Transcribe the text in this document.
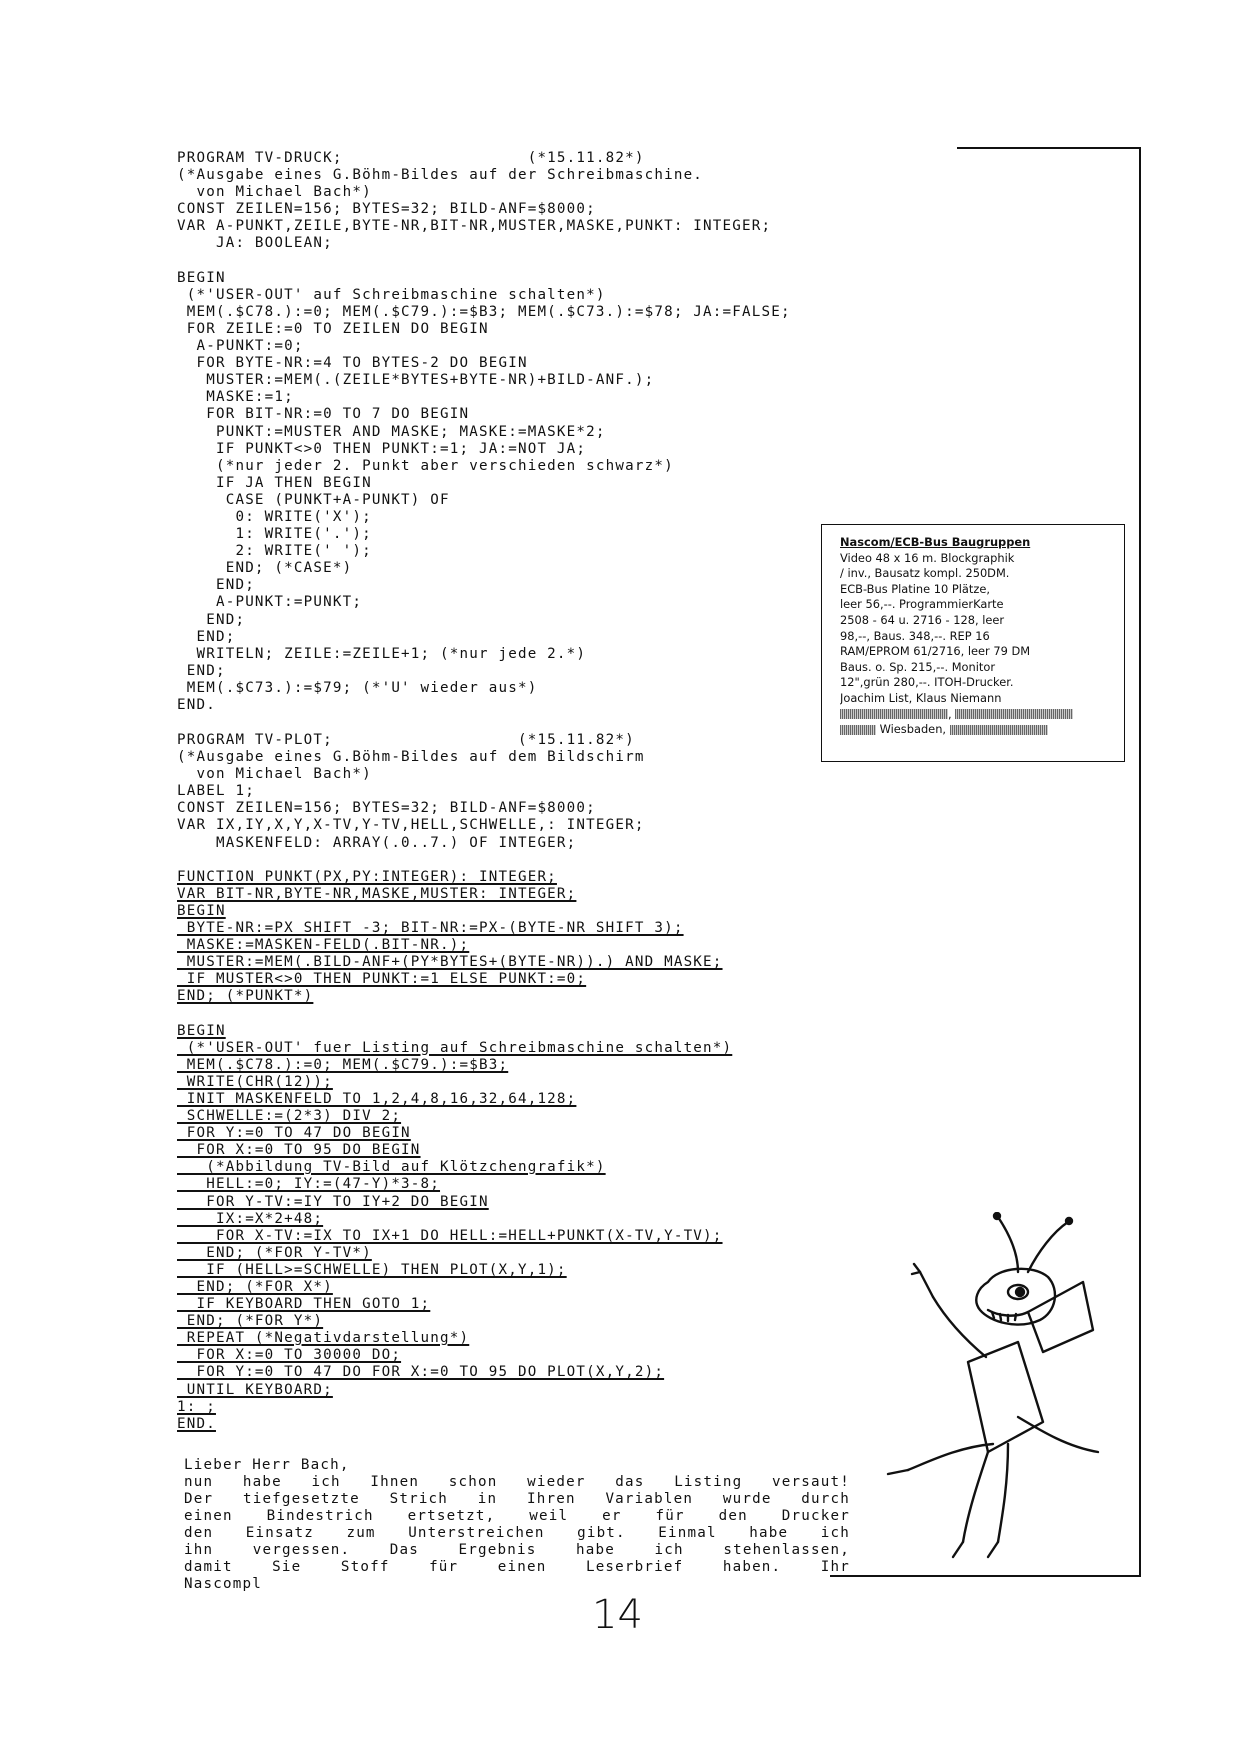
PROGRAM TV-DRUCK;                   (*15.11.82*)
(*Ausgabe eines G.Böhm-Bildes auf der Schreibmaschine.
von Michael Bach*)
CONST ZEILEN=156; BYTES=32; BILD-ANF=$8000;
VAR A-PUNKT,ZEILE,BYTE-NR,BIT-NR,MUSTER,MASKE,PUNKT: INTEGER;
JA: BOOLEAN;
BEGIN
(*'USER-OUT' auf Schreibmaschine schalten*)
MEM(.$C78.):=0; MEM(.$C79.):=$B3; MEM(.$C73.):=$78; JA:=FALSE;
FOR ZEILE:=0 TO ZEILEN DO BEGIN
A-PUNKT:=0;
FOR BYTE-NR:=4 TO BYTES-2 DO BEGIN
MUSTER:=MEM(.(ZEILE*BYTES+BYTE-NR)+BILD-ANF.);
MASKE:=1;
FOR BIT-NR:=0 TO 7 DO BEGIN
PUNKT:=MUSTER AND MASKE; MASKE:=MASKE*2;
IF PUNKT<>0 THEN PUNKT:=1; JA:=NOT JA;
(*nur jeder 2. Punkt aber verschieden schwarz*)
IF JA THEN BEGIN
CASE (PUNKT+A-PUNKT) OF
0: WRITE('X');
1: WRITE('.');
2: WRITE(' ');
END; (*CASE*)
END;
A-PUNKT:=PUNKT;
END;
END;
WRITELN; ZEILE:=ZEILE+1; (*nur jede 2.*)
END;
MEM(.$C73.):=$79; (*'U' wieder aus*)
END.
PROGRAM TV-PLOT;                   (*15.11.82*)
(*Ausgabe eines G.Böhm-Bildes auf dem Bildschirm
von Michael Bach*)
LABEL 1;
CONST ZEILEN=156; BYTES=32; BILD-ANF=$8000;
VAR IX,IY,X,Y,X-TV,Y-TV,HELL,SCHWELLE,: INTEGER;
MASKENFELD: ARRAY(.0..7.) OF INTEGER;
FUNCTION PUNKT(PX,PY:INTEGER): INTEGER;
VAR BIT-NR,BYTE-NR,MASKE,MUSTER: INTEGER;
BEGIN
BYTE-NR:=PX SHIFT -3; BIT-NR:=PX-(BYTE-NR SHIFT 3);
MASKE:=MASKEN-FELD(.BIT-NR.);
MUSTER:=MEM(.BILD-ANF+(PY*BYTES+(BYTE-NR)).) AND MASKE;
IF MUSTER<>0 THEN PUNKT:=1 ELSE PUNKT:=0;
END; (*PUNKT*)
BEGIN
(*'USER-OUT' fuer Listing auf Schreibmaschine schalten*)
MEM(.$C78.):=0; MEM(.$C79.):=$B3;
WRITE(CHR(12));
INIT MASKENFELD TO 1,2,4,8,16,32,64,128;
SCHWELLE:=(2*3) DIV 2;
FOR Y:=0 TO 47 DO BEGIN
FOR X:=0 TO 95 DO BEGIN
(*Abbildung TV-Bild auf Klötzchengrafik*)
HELL:=0; IY:=(47-Y)*3-8;
FOR Y-TV:=IY TO IY+2 DO BEGIN
IX:=X*2+48;
FOR X-TV:=IX TO IX+1 DO HELL:=HELL+PUNKT(X-TV,Y-TV);
END; (*FOR Y-TV*)
IF (HELL>=SCHWELLE) THEN PLOT(X,Y,1);
END; (*FOR X*)
IF KEYBOARD THEN GOTO 1;
END; (*FOR Y*)
REPEAT (*Negativdarstellung*)
FOR X:=0 TO 30000 DO;
FOR Y:=0 TO 47 DO FOR X:=0 TO 95 DO PLOT(X,Y,2);
UNTIL KEYBOARD;
1: ;
END.
Nascom/ECB-Bus Baugruppen
Video 48 x 16 m. Blockgraphik
/ inv., Bausatz kompl. 250DM.
ECB-Bus Platine 10 Plätze,
leer 56,--. ProgrammierKarte
2508 - 64 u. 2716 - 128, leer
98,--, Baus. 348,--. REP 16
RAM/EPROM 61/2716, leer 79 DM
Baus. o. Sp. 215,--. Monitor
12",grün 280,--. ITOH-Drucker.
Joachim List, Klaus Niemann
,
Wiesbaden,
Lieber Herr Bach,
nun habe ich Ihnen schon wieder das Listing versaut!
Der tiefgesetzte Strich in Ihren Variablen wurde durch
einen Bindestrich ertsetzt, weil er für den Drucker
den Einsatz zum Unterstreichen gibt. Einmal habe ich
ihn vergessen. Das Ergebnis habe ich stehenlassen,
damit Sie Stoff für einen Leserbrief haben. Ihr
Nascompl
14
